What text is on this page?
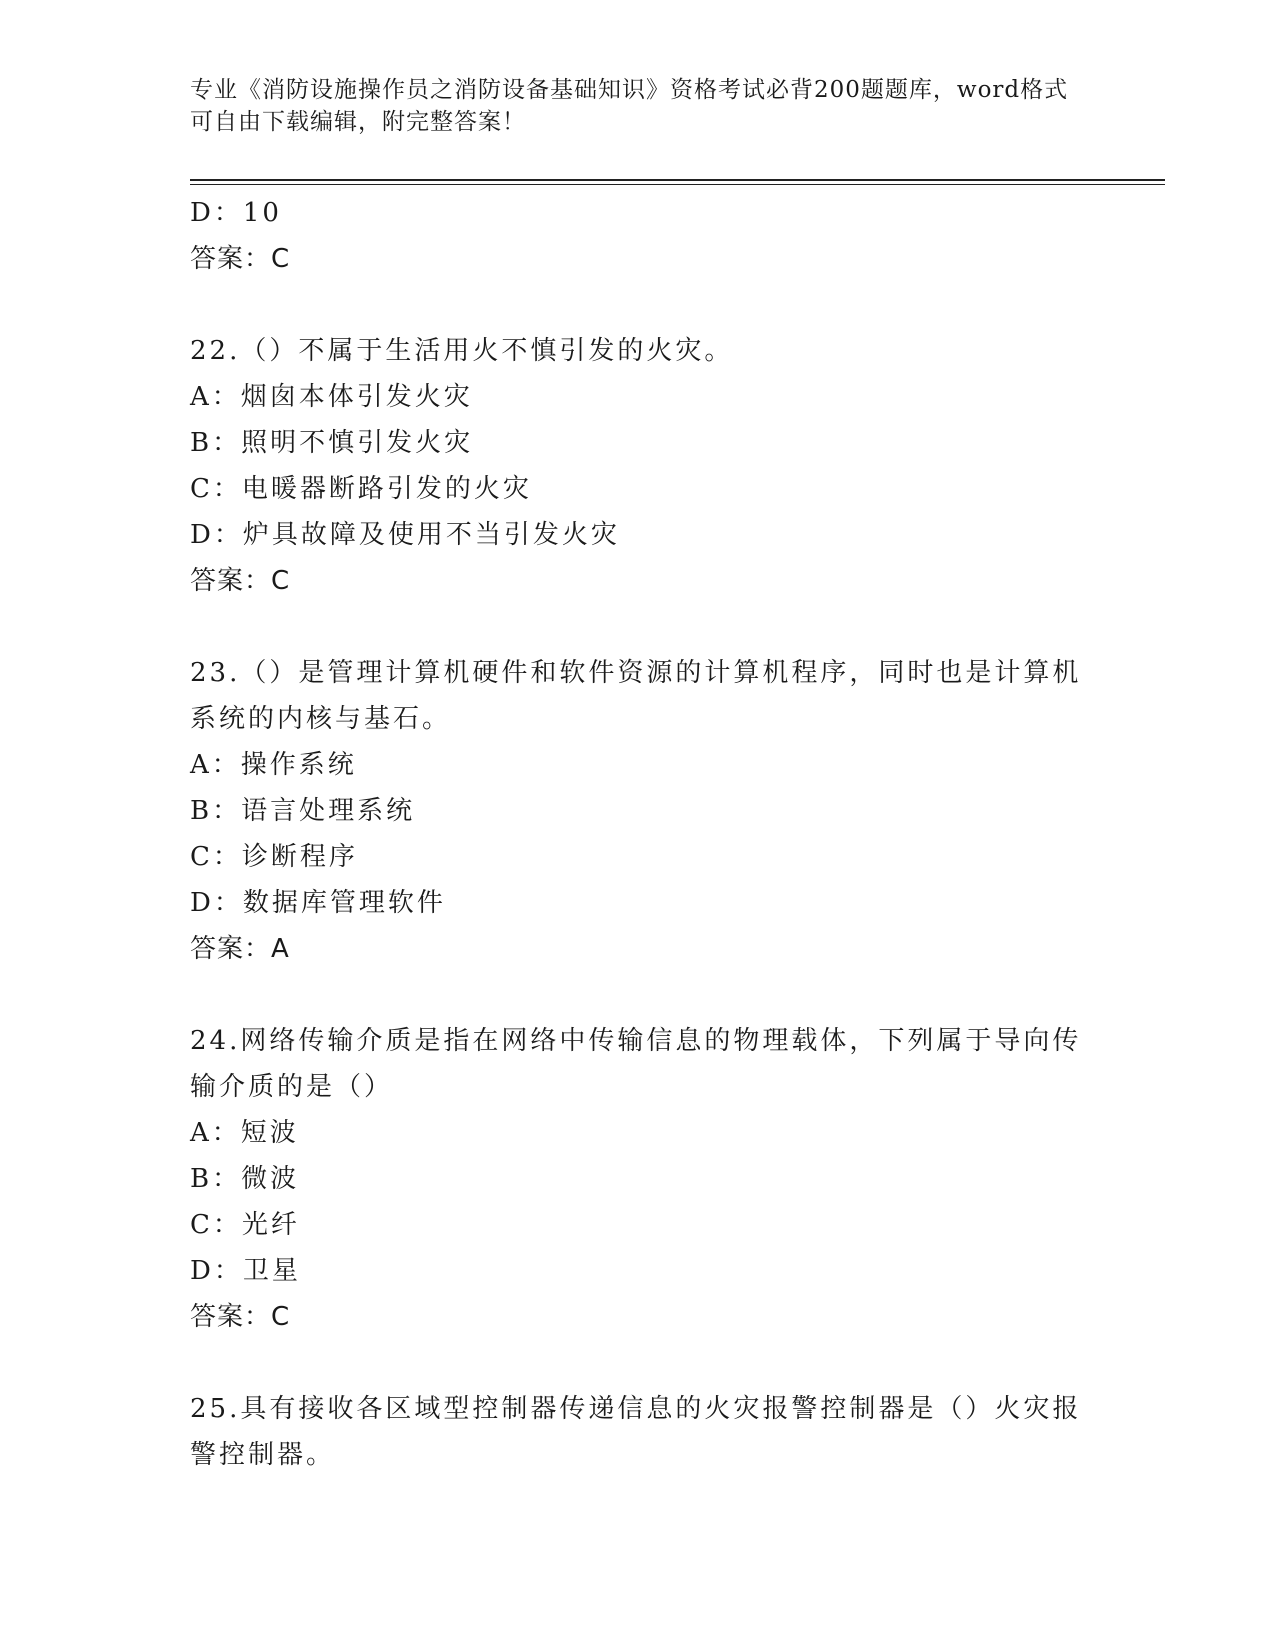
专业《消防设施操作员之消防设备基础知识》资格考试必背200题题库，word格式可自由下载编辑，附完整答案！
D：10
答案：C
22.（）不属于生活用火不慎引发的火灾。
A：烟囱本体引发火灾
B：照明不慎引发火灾
C：电暖器断路引发的火灾
D：炉具故障及使用不当引发火灾
答案：C
23.（）是管理计算机硬件和软件资源的计算机程序，同时也是计算机系统的内核与基石。
A：操作系统
B：语言处理系统
C：诊断程序
D：数据库管理软件
答案：A
24.网络传输介质是指在网络中传输信息的物理载体，下列属于导向传输介质的是（）
A：短波
B：微波
C：光纤
D：卫星
答案：C
25.具有接收各区域型控制器传递信息的火灾报警控制器是（）火灾报警控制器。
